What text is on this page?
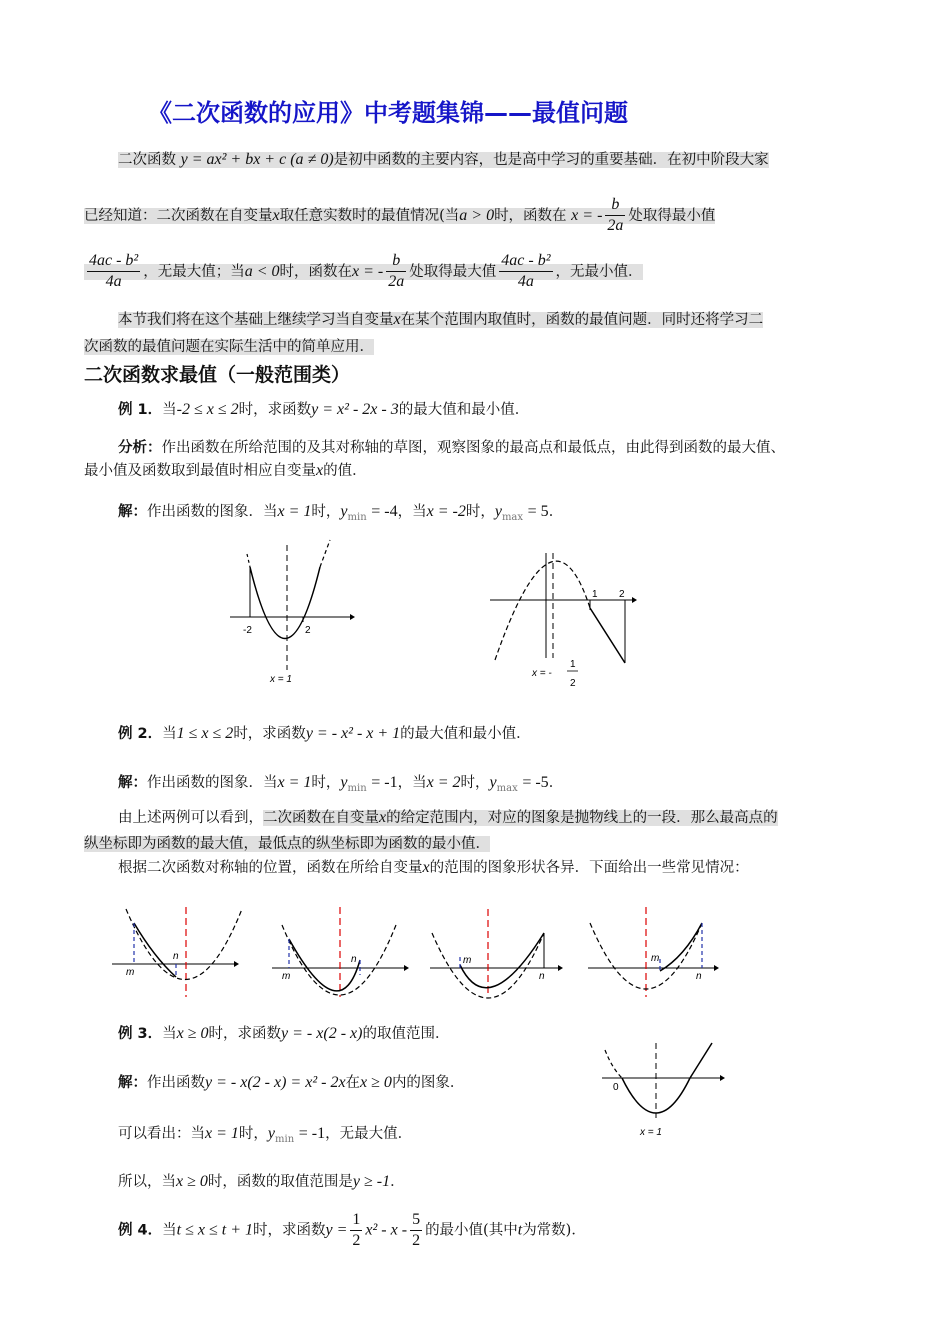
《二次函数的应用》中考题集锦——最值问题
二次函数 y = ax² + bx + c (a ≠ 0)是初中函数的主要内容，也是高中学习的重要基础．在初中阶段大家
已经知道：二次函数在自变量x取任意实数时的最值情况(当a > 0时，函数在 x = - $\frac{b}{2a}$ 处取得最小值
$\frac{\text{4ac - b²}}{4a}$ ，无最大值；当a < 0时，函数在x = - $\frac{b}{2a}$ 处取得最大值 $\frac{\text{4ac - b²}}{4a}$ ，无最小值．
本节我们将在这个基础上继续学习当自变量x在某个范围内取值时，函数的最值问题．同时还将学习二
次函数的最值问题在实际生活中的简单应用．
二次函数求最值（一般范围类）
例 1．当-2 ≤ x ≤ 2时，求函数y = x² - 2x - 3的最大值和最小值．
分析：作出函数在所给范围的及其对称轴的草图，观察图象的最高点和最低点，由此得到函数的最大值、
最小值及函数取到最值时相应自变量x的值．
解：作出函数的图象．当x = 1时，$y_{min} = -4$，当x = -2时，$y_{max} = 5$．
-2	2
x = 1
1 2
x = -
1
2
例 2．当1 ≤ x ≤ 2时，求函数y = - x² - x + 1的最大值和最小值．
解：作出函数的图象．当x = 1时，$y_{min} = -1$，当x = 2时，$y_{max} = -5$．
由上述两例可以看到，二次函数在自变量x的给定范围内，对应的图象是抛物线上的一段．那么最高点的
纵坐标即为函数的最大值，最低点的纵坐标即为函数的最小值．
根据二次函数对称轴的位置，函数在所给自变量x的范围的图象形状各异．下面给出一些常见情况：
m
n
m
n	m
n
m
n
例 3．当x ≥ 0时，求函数y = - x(2 - x)的取值范围．
解：作出函数y = - x(2 - x) = x² - 2x在x ≥ 0内的图象．
可以看出：当x = 1时，$y_{min} = -1$，无最大值．
所以，当x ≥ 0时，函数的取值范围是y ≥ -1．
0
x = 1
例 4．当t ≤ x ≤ t + 1时，求函数$y = \frac{1}{2} x^2 - x - \frac{5}{2}$ 的最小值(其中t为常数)．
